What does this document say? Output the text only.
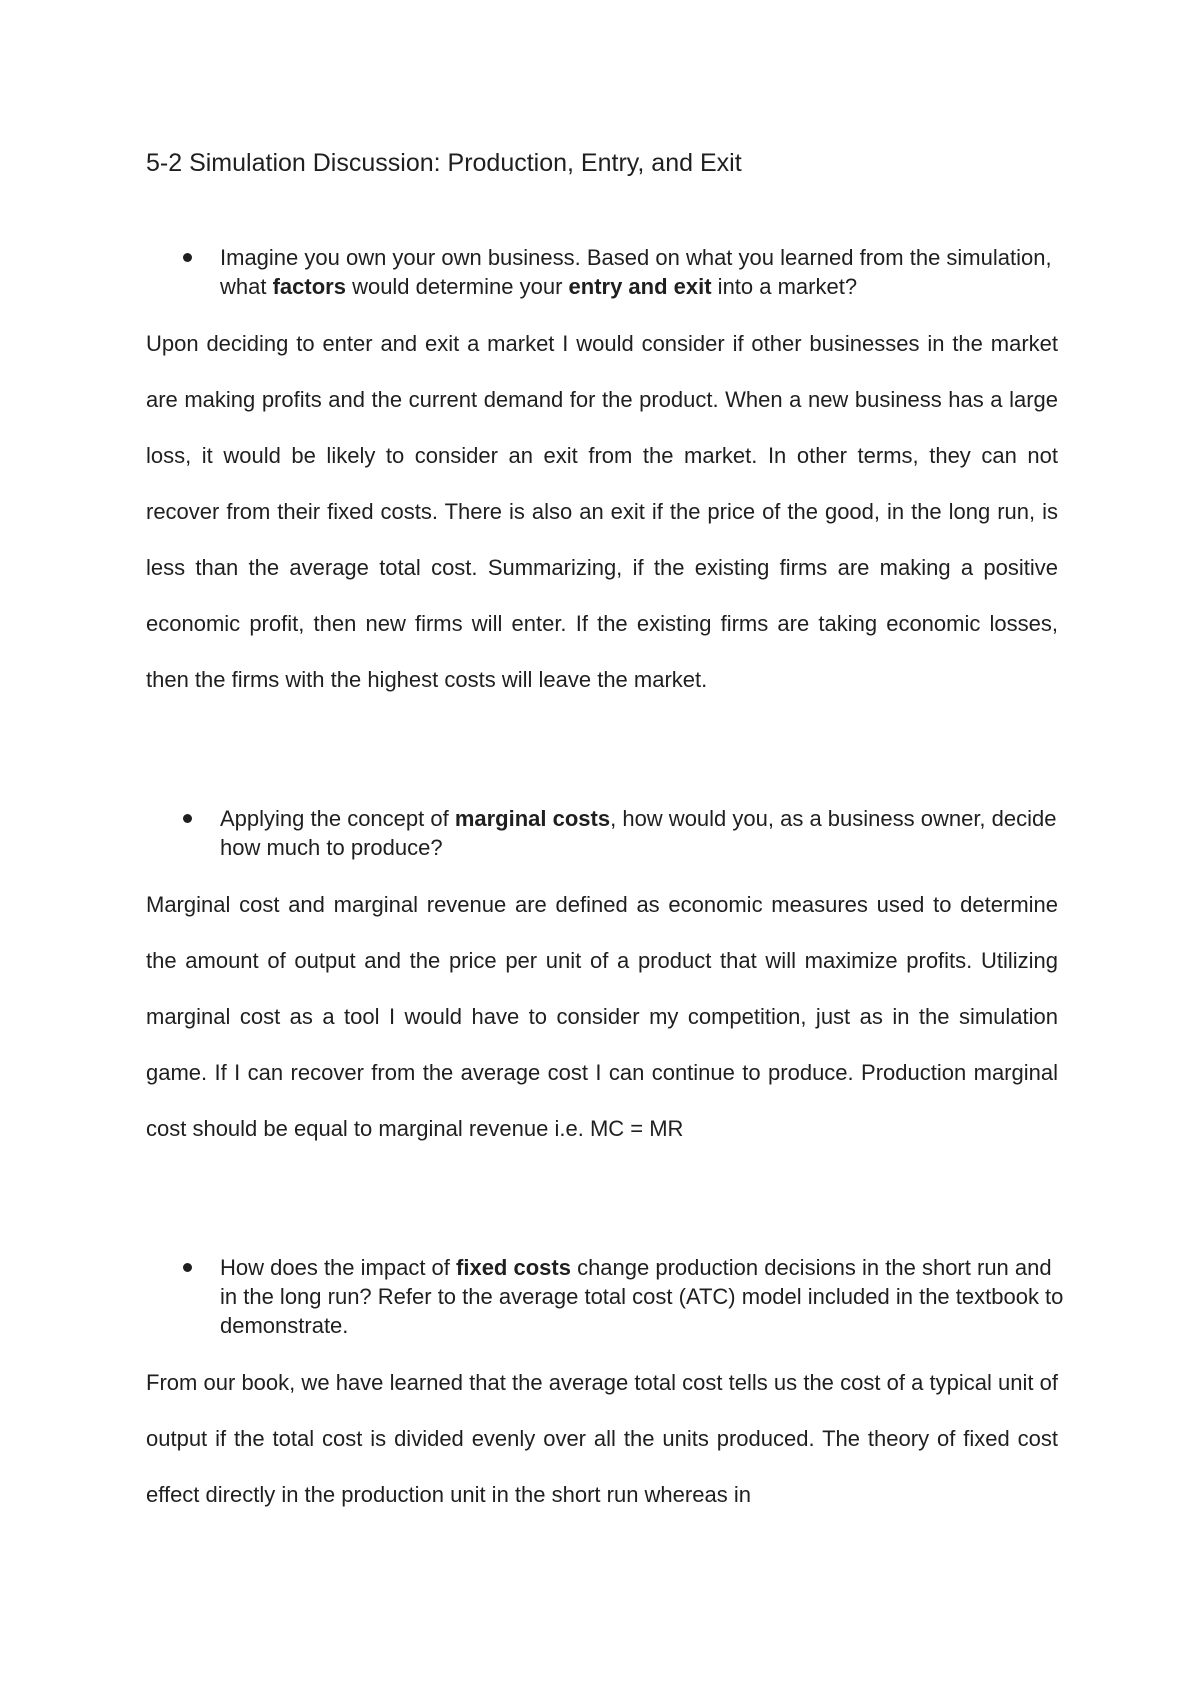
5-2 Simulation Discussion: Production, Entry, and Exit
Imagine you own your own business. Based on what you learned from the simulation, what factors would determine your entry and exit into a market?

Upon deciding to enter and exit a market I would consider if other businesses in the market are making profits and the current demand for the product. When a new business has a large loss, it would be likely to consider an exit from the market. In other terms, they can not recover from their fixed costs. There is also an exit if the price of the good, in the long run, is less than the average total cost. Summarizing, if the existing firms are making a positive economic profit, then new firms will enter. If the existing firms are taking economic losses, then the firms with the highest costs will leave the market.

Applying the concept of marginal costs, how would you, as a business owner, decide how much to produce?

Marginal cost and marginal revenue are defined as economic measures used to determine the amount of output and the price per unit of a product that will maximize profits. Utilizing marginal cost as a tool I would have to consider my competition, just as in the simulation game. If I can recover from the average cost I can continue to produce. Production marginal cost should be equal to marginal revenue i.e. MC = MR

How does the impact of fixed costs change production decisions in the short run and in the long run? Refer to the average total cost (ATC) model included in the textbook to demonstrate.

From our book, we have learned that the average total cost tells us the cost of a typical unit of output if the total cost is divided evenly over all the units produced. The theory of fixed cost effect directly in the production unit in the short run whereas in
